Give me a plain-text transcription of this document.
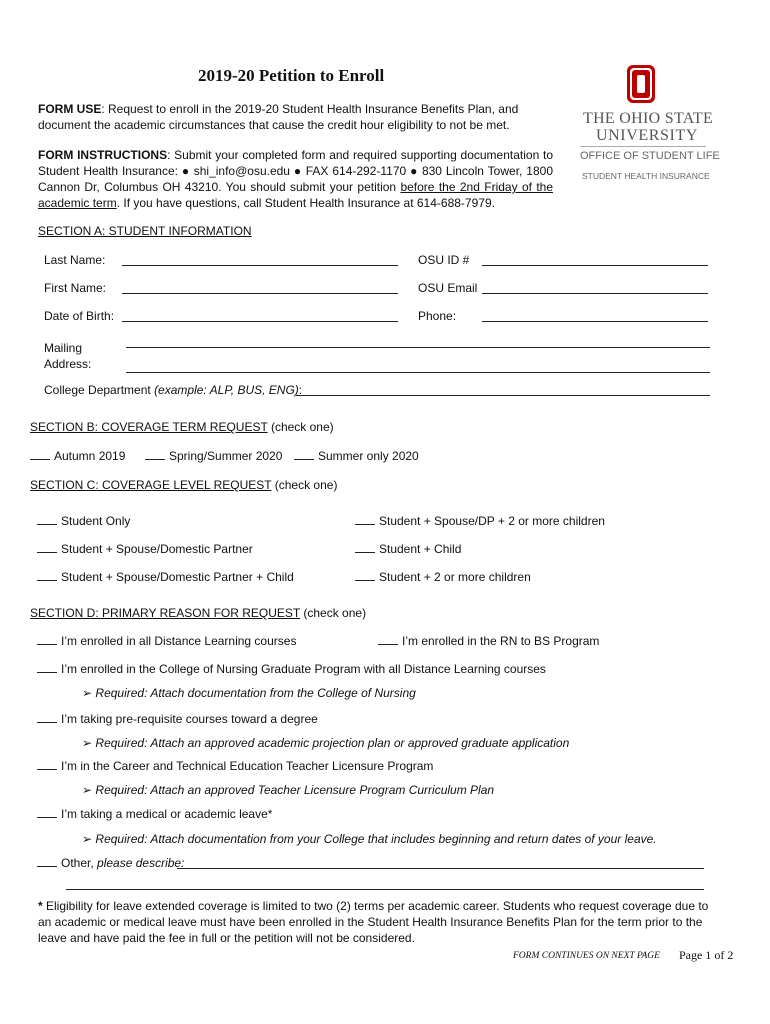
2019-20 Petition to Enroll
THE OHIO STATE
UNIVERSITY
OFFICE OF STUDENT LIFE
STUDENT HEALTH INSURANCE
FORM USE: Request to enroll in the 2019-20 Student Health Insurance Benefits Plan, and document the academic circumstances that cause the credit hour eligibility to not be met.
FORM INSTRUCTIONS: Submit your completed form and required supporting documentation to Student Health Insurance: ● shi_info@osu.edu ● FAX 614-292-1170 ● 830 Lincoln Tower, 1800 Cannon Dr, Columbus OH 43210. You should submit your petition before the 2nd Friday of the academic term. If you have questions, call Student Health Insurance at 614-688-7979.
SECTION A: STUDENT INFORMATION
Last Name:	OSU ID #
First Name:	OSU Email
Date of Birth:	Phone:
Mailing
Address:
College Department (example: ALP, BUS, ENG):
SECTION B: COVERAGE TERM REQUEST (check one)
Autumn 2019	Spring/Summer 2020	Summer only 2020
SECTION C: COVERAGE LEVEL REQUEST (check one)
Student Only	Student + Spouse/DP + 2 or more children
Student + Spouse/Domestic Partner	Student + Child
Student + Spouse/Domestic Partner + Child	Student + 2 or more children
SECTION D: PRIMARY REASON FOR REQUEST (check one)
I’m enrolled in all Distance Learning courses	I’m enrolled in the RN to BS Program
I’m enrolled in the College of Nursing Graduate Program with all Distance Learning courses
➢ Required: Attach documentation from the College of Nursing
I’m taking pre-requisite courses toward a degree
➢ Required: Attach an approved academic projection plan or approved graduate application
I’m in the Career and Technical Education Teacher Licensure Program
➢ Required: Attach an approved Teacher Licensure Program Curriculum Plan
I’m taking a medical or academic leave*
➢ Required: Attach documentation from your College that includes beginning and return dates of your leave.
Other, please describe:
* Eligibility for leave extended coverage is limited to two (2) terms per academic career. Students who request coverage due to an academic or medical leave must have been enrolled in the Student Health Insurance Benefits Plan for the term prior to the leave and have paid the fee in full or the petition will not be considered.
FORM CONTINUES ON NEXT PAGE Page 1 of 2
